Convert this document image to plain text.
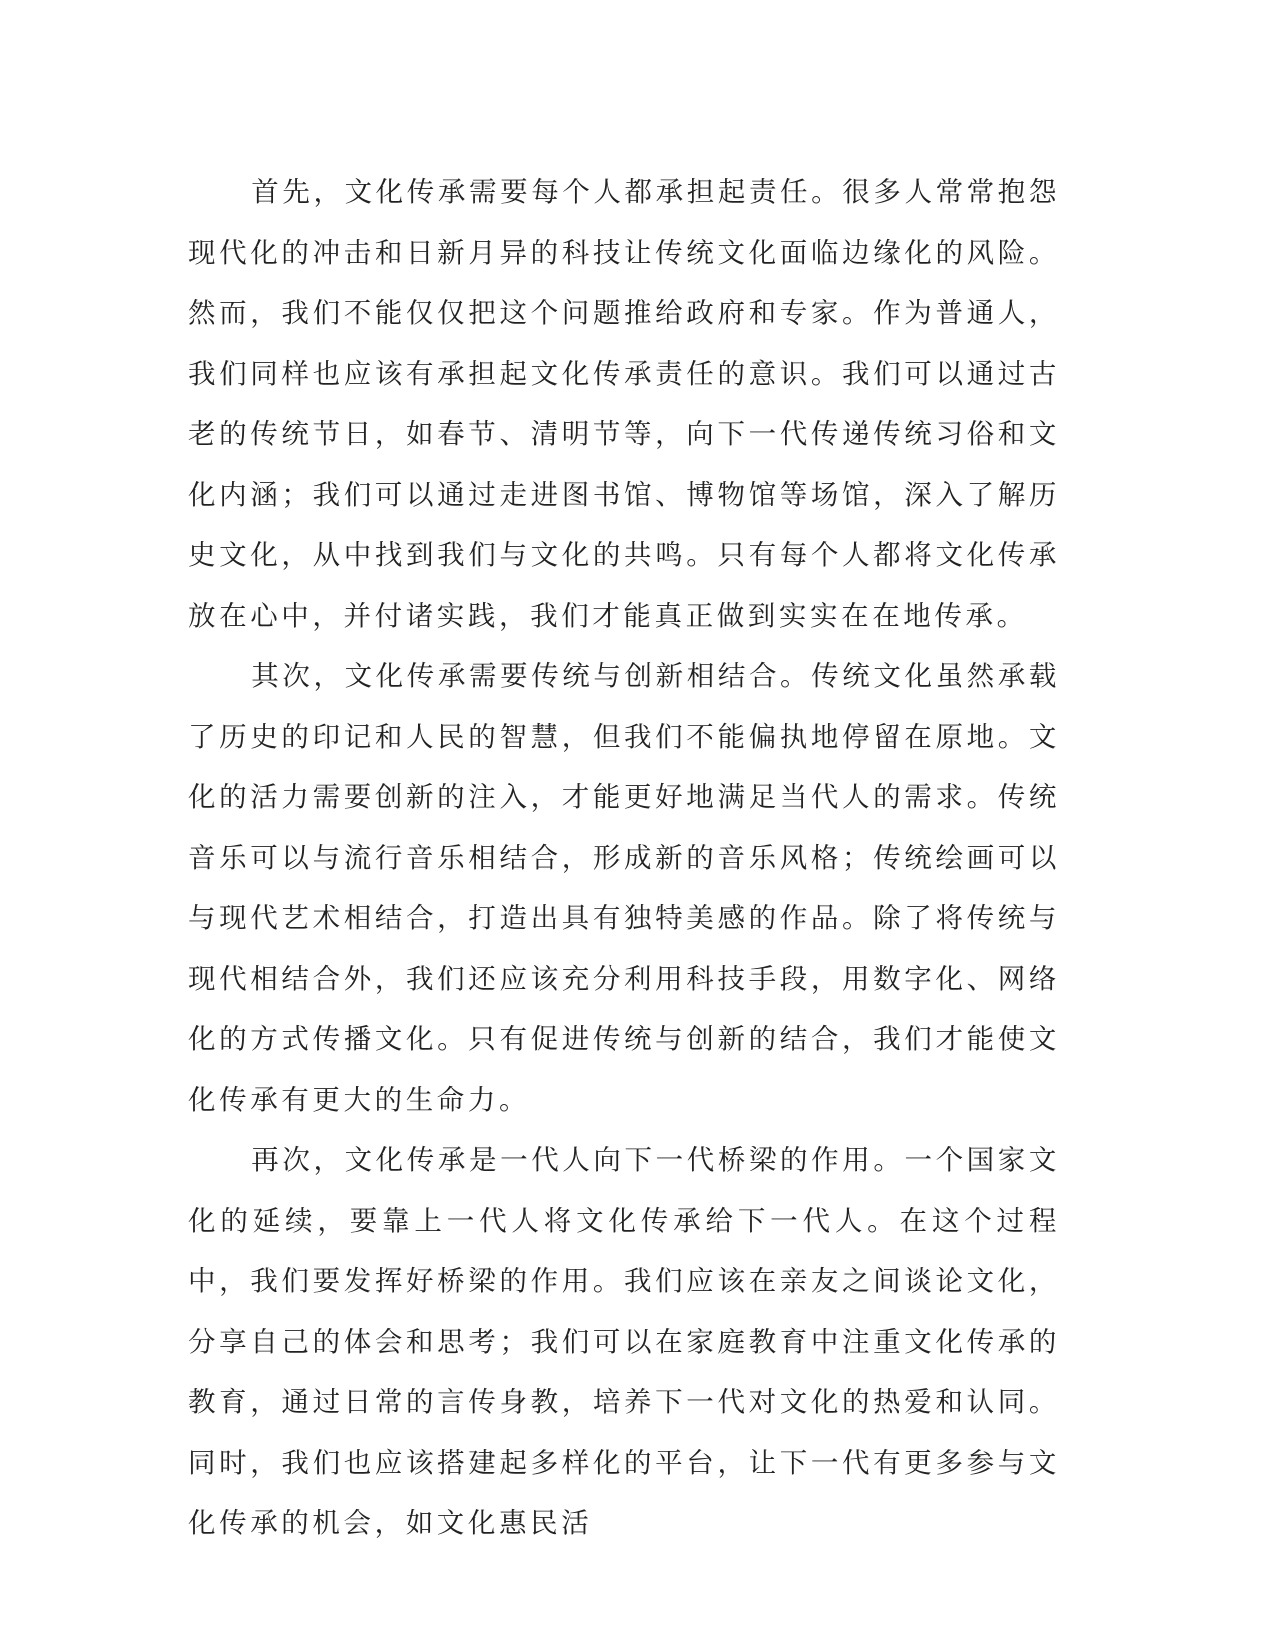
首先，文化传承需要每个人都承担起责任。很多人常常抱怨现代化的冲击和日新月异的科技让传统文化面临边缘化的风险。然而，我们不能仅仅把这个问题推给政府和专家。作为普通人，我们同样也应该有承担起文化传承责任的意识。我们可以通过古老的传统节日，如春节、清明节等，向下一代传递传统习俗和文化内涵；我们可以通过走进图书馆、博物馆等场馆，深入了解历史文化，从中找到我们与文化的共鸣。只有每个人都将文化传承放在心中，并付诸实践，我们才能真正做到实实在在地传承。

其次，文化传承需要传统与创新相结合。传统文化虽然承载了历史的印记和人民的智慧，但我们不能偏执地停留在原地。文化的活力需要创新的注入，才能更好地满足当代人的需求。传统音乐可以与流行音乐相结合，形成新的音乐风格；传统绘画可以与现代艺术相结合，打造出具有独特美感的作品。除了将传统与现代相结合外，我们还应该充分利用科技手段，用数字化、网络化的方式传播文化。只有促进传统与创新的结合，我们才能使文化传承有更大的生命力。

再次，文化传承是一代人向下一代桥梁的作用。一个国家文化的延续，要靠上一代人将文化传承给下一代人。在这个过程中，我们要发挥好桥梁的作用。我们应该在亲友之间谈论文化，分享自己的体会和思考；我们可以在家庭教育中注重文化传承的教育，通过日常的言传身教，培养下一代对文化的热爱和认同。同时，我们也应该搭建起多样化的平台，让下一代有更多参与文化传承的机会，如文化惠民活
